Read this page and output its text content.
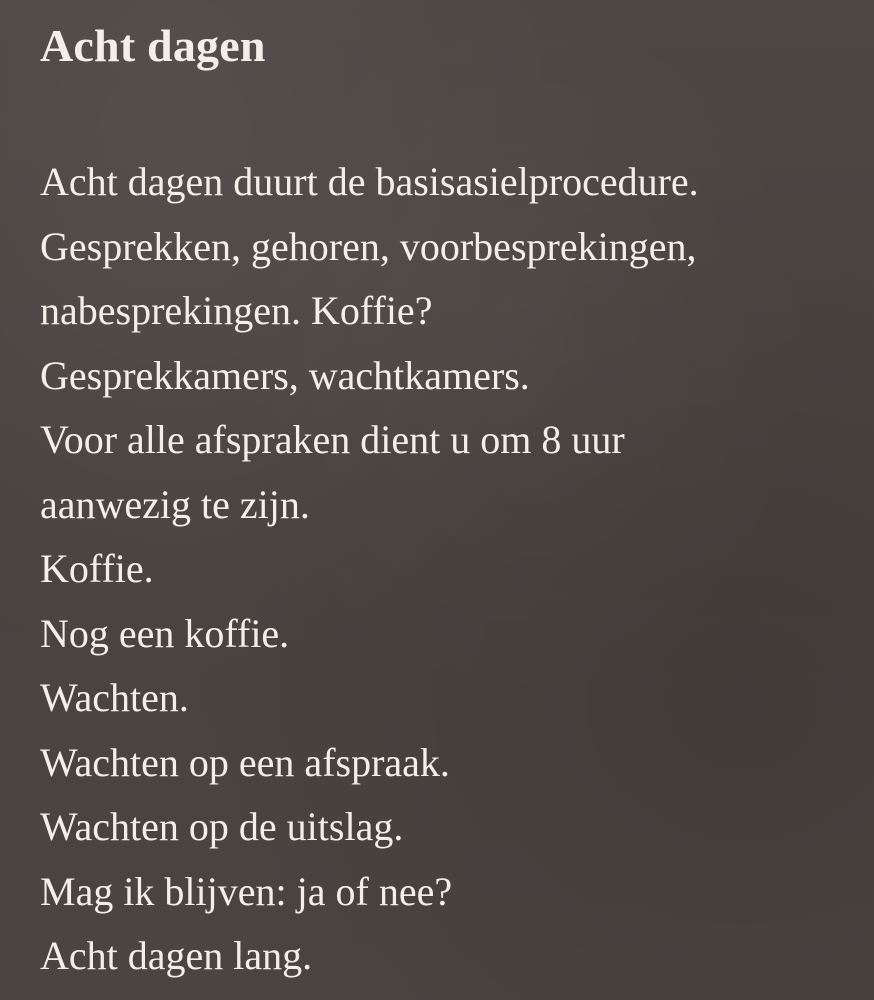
Acht dagen
Acht dagen duurt de basisasielprocedure.
Gesprekken, gehoren, voorbesprekingen,
nabesprekingen. Koffie?
Gesprekkamers, wachtkamers.
Voor alle afspraken dient u om 8 uur
aanwezig te zijn.
Koffie.
Nog een koffie.
Wachten.
Wachten op een afspraak.
Wachten op de uitslag.
Mag ik blijven: ja of nee?
Acht dagen lang.
